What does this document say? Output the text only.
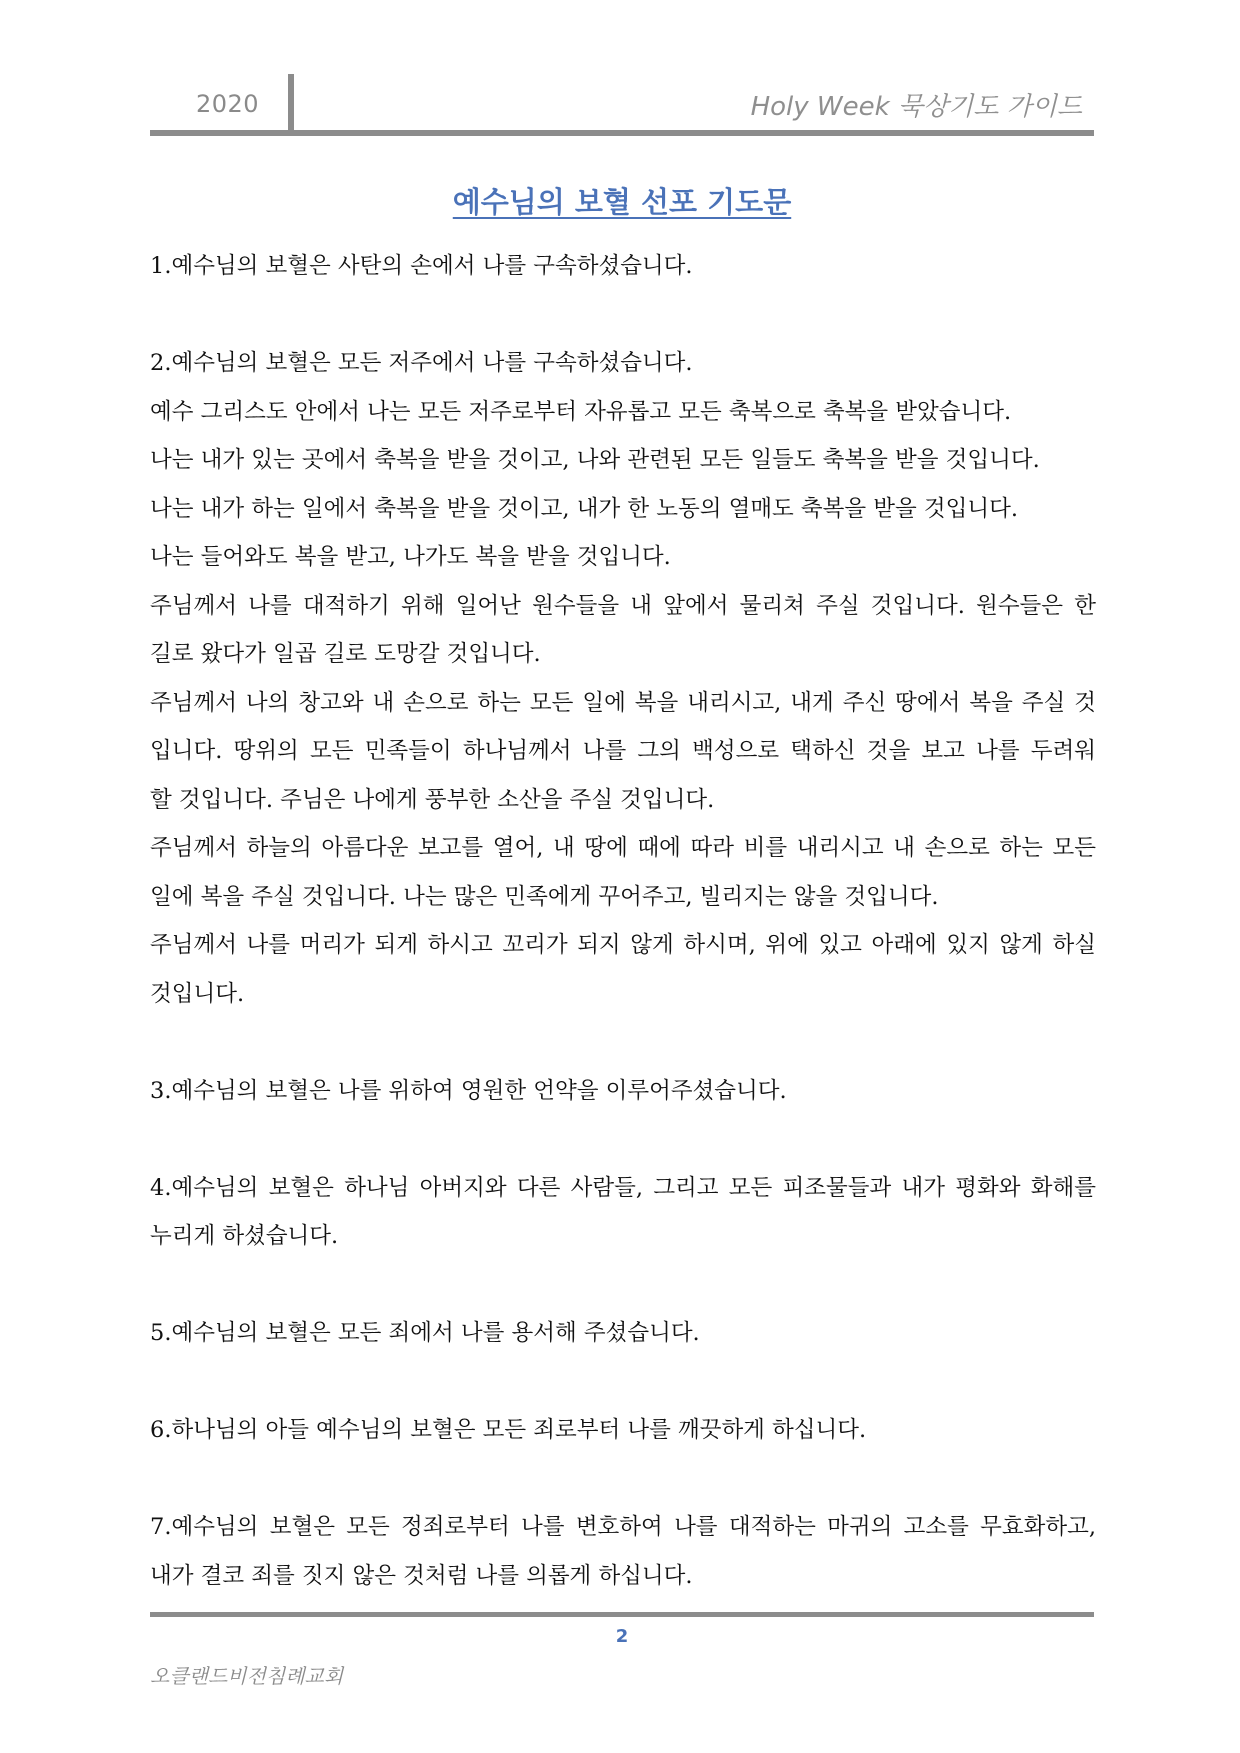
2020	Holy Week 묵상기도 가이드
예수님의 보혈 선포 기도문
1.예수님의 보혈은 사탄의 손에서 나를 구속하셨습니다.
2.예수님의 보혈은 모든 저주에서 나를 구속하셨습니다.
예수 그리스도 안에서 나는 모든 저주로부터 자유롭고 모든 축복으로 축복을 받았습니다.
나는 내가 있는 곳에서 축복을 받을 것이고, 나와 관련된 모든 일들도 축복을 받을 것입니다.
나는 내가 하는 일에서 축복을 받을 것이고, 내가 한 노동의 열매도 축복을 받을 것입니다.
나는 들어와도 복을 받고, 나가도 복을 받을 것입니다.
주님께서 나를 대적하기 위해 일어난 원수들을 내 앞에서 물리쳐 주실 것입니다. 원수들은 한
길로 왔다가 일곱 길로 도망갈 것입니다.
주님께서 나의 창고와 내 손으로 하는 모든 일에 복을 내리시고, 내게 주신 땅에서 복을 주실 것
입니다. 땅위의 모든 민족들이 하나님께서 나를 그의 백성으로 택하신 것을 보고 나를 두려워
할 것입니다. 주님은 나에게 풍부한 소산을 주실 것입니다.
주님께서 하늘의 아름다운 보고를 열어, 내 땅에 때에 따라 비를 내리시고 내 손으로 하는 모든
일에 복을 주실 것입니다. 나는 많은 민족에게 꾸어주고, 빌리지는 않을 것입니다.
주님께서 나를 머리가 되게 하시고 꼬리가 되지 않게 하시며, 위에 있고 아래에 있지 않게 하실
것입니다.
3.예수님의 보혈은 나를 위하여 영원한 언약을 이루어주셨습니다.
4.예수님의 보혈은 하나님 아버지와 다른 사람들, 그리고 모든 피조물들과 내가 평화와 화해를
누리게 하셨습니다.
5.예수님의 보혈은 모든 죄에서 나를 용서해 주셨습니다.
6.하나님의 아들 예수님의 보혈은 모든 죄로부터 나를 깨끗하게 하십니다.
7.예수님의 보혈은 모든 정죄로부터 나를 변호하여 나를 대적하는 마귀의 고소를 무효화하고,
내가 결코 죄를 짓지 않은 것처럼 나를 의롭게 하십니다.
2
오클랜드비전침례교회
